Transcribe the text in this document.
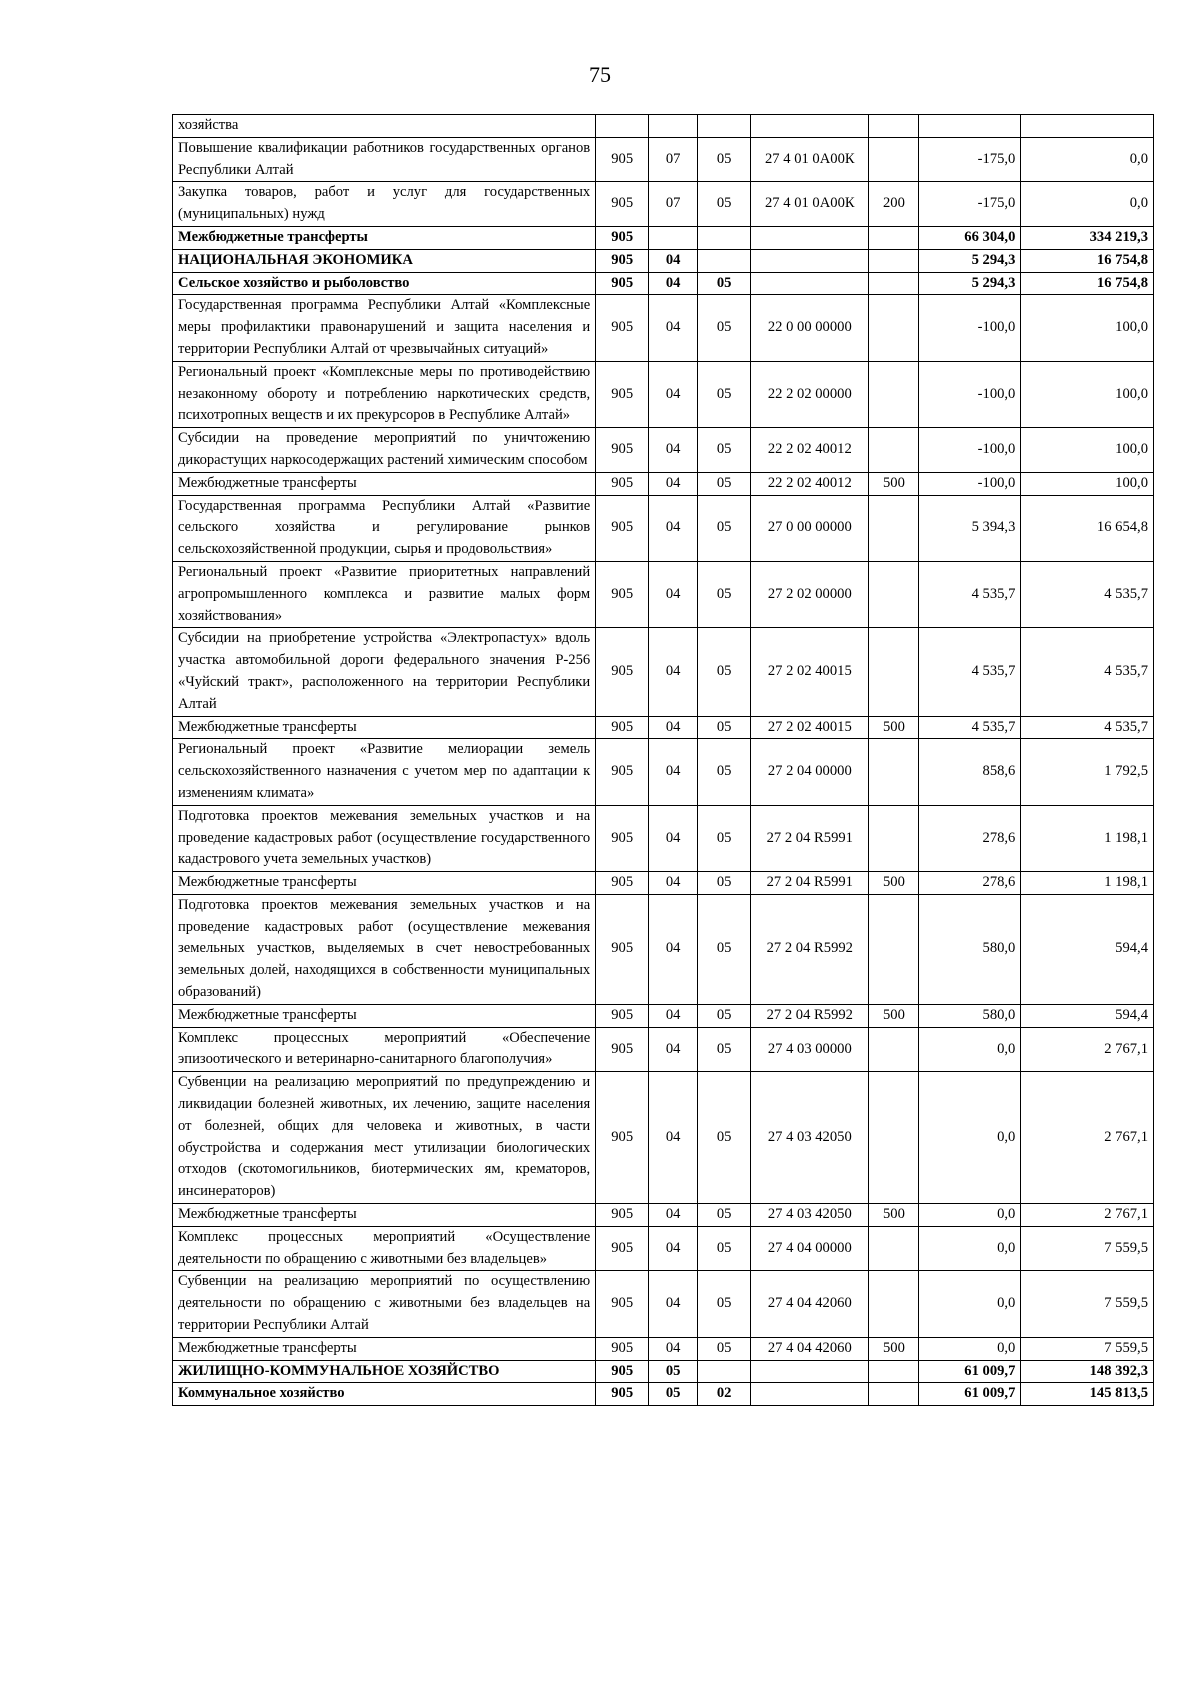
75
хозяйства							
Повышение квалификации работников государственных органов Республики Алтай	905	07	05	27 4 01 0А00К		-175,0	0,0
Закупка товаров, работ и услуг для государственных (муниципальных) нужд	905	07	05	27 4 01 0А00К	200	-175,0	0,0
Межбюджетные трансферты	905					66 304,0	334 219,3
НАЦИОНАЛЬНАЯ ЭКОНОМИКА	905	04				5 294,3	16 754,8
Сельское хозяйство и рыболовство	905	04	05			5 294,3	16 754,8
Государственная программа Республики Алтай «Комплексные меры профилактики правонарушений и защита населения и территории Республики Алтай от чрезвычайных ситуаций»	905	04	05	22 0 00 00000		-100,0	100,0
Региональный проект «Комплексные меры по противодействию незаконному обороту и потреблению наркотических средств, психотропных веществ и их прекурсоров в Республике Алтай»	905	04	05	22 2 02 00000		-100,0	100,0
Субсидии на проведение мероприятий по уничтожению дикорастущих наркосодержащих растений химическим способом	905	04	05	22 2 02 40012		-100,0	100,0
Межбюджетные трансферты	905	04	05	22 2 02 40012	500	-100,0	100,0
Государственная программа Республики Алтай «Развитие сельского хозяйства и регулирование рынков сельскохозяйственной продукции, сырья и продовольствия»	905	04	05	27 0 00 00000		5 394,3	16 654,8
Региональный проект «Развитие приоритетных направлений агропромышленного комплекса и развитие малых форм хозяйствования»	905	04	05	27 2 02 00000		4 535,7	4 535,7
Субсидии на приобретение устройства «Электропастух» вдоль участка автомобильной дороги федерального значения Р-256 «Чуйский тракт», расположенного на территории Республики Алтай	905	04	05	27 2 02 40015		4 535,7	4 535,7
Межбюджетные трансферты	905	04	05	27 2 02 40015	500	4 535,7	4 535,7
Региональный проект «Развитие мелиорации земель сельскохозяйственного назначения с учетом мер по адаптации к изменениям климата»	905	04	05	27 2 04 00000		858,6	1 792,5
Подготовка проектов межевания земельных участков и на проведение кадастровых работ (осуществление государственного кадастрового учета земельных участков)	905	04	05	27 2 04 R5991		278,6	1 198,1
Межбюджетные трансферты	905	04	05	27 2 04 R5991	500	278,6	1 198,1
Подготовка проектов межевания земельных участков и на проведение кадастровых работ (осуществление межевания земельных участков, выделяемых в счет невостребованных земельных долей, находящихся в собственности муниципальных образований)	905	04	05	27 2 04 R5992		580,0	594,4
Межбюджетные трансферты	905	04	05	27 2 04 R5992	500	580,0	594,4
Комплекс процессных мероприятий «Обеспечение эпизоотического и ветеринарно-санитарного благополучия»	905	04	05	27 4 03 00000		0,0	2 767,1
Субвенции на реализацию мероприятий по предупреждению и ликвидации болезней животных, их лечению, защите населения от болезней, общих для человека и животных, в части обустройства и содержания мест утилизации биологических отходов (скотомогильников, биотермических ям, крематоров, инсинераторов)	905	04	05	27 4 03 42050		0,0	2 767,1
Межбюджетные трансферты	905	04	05	27 4 03 42050	500	0,0	2 767,1
Комплекс процессных мероприятий «Осуществление деятельности по обращению с животными без владельцев»	905	04	05	27 4 04 00000		0,0	7 559,5
Субвенции на реализацию мероприятий по осуществлению деятельности по обращению с животными без владельцев на территории Республики Алтай	905	04	05	27 4 04 42060		0,0	7 559,5
Межбюджетные трансферты	905	04	05	27 4 04 42060	500	0,0	7 559,5
ЖИЛИЩНО-КОММУНАЛЬНОЕ ХОЗЯЙСТВО	905	05				61 009,7	148 392,3
Коммунальное хозяйство	905	05	02			61 009,7	145 813,5
